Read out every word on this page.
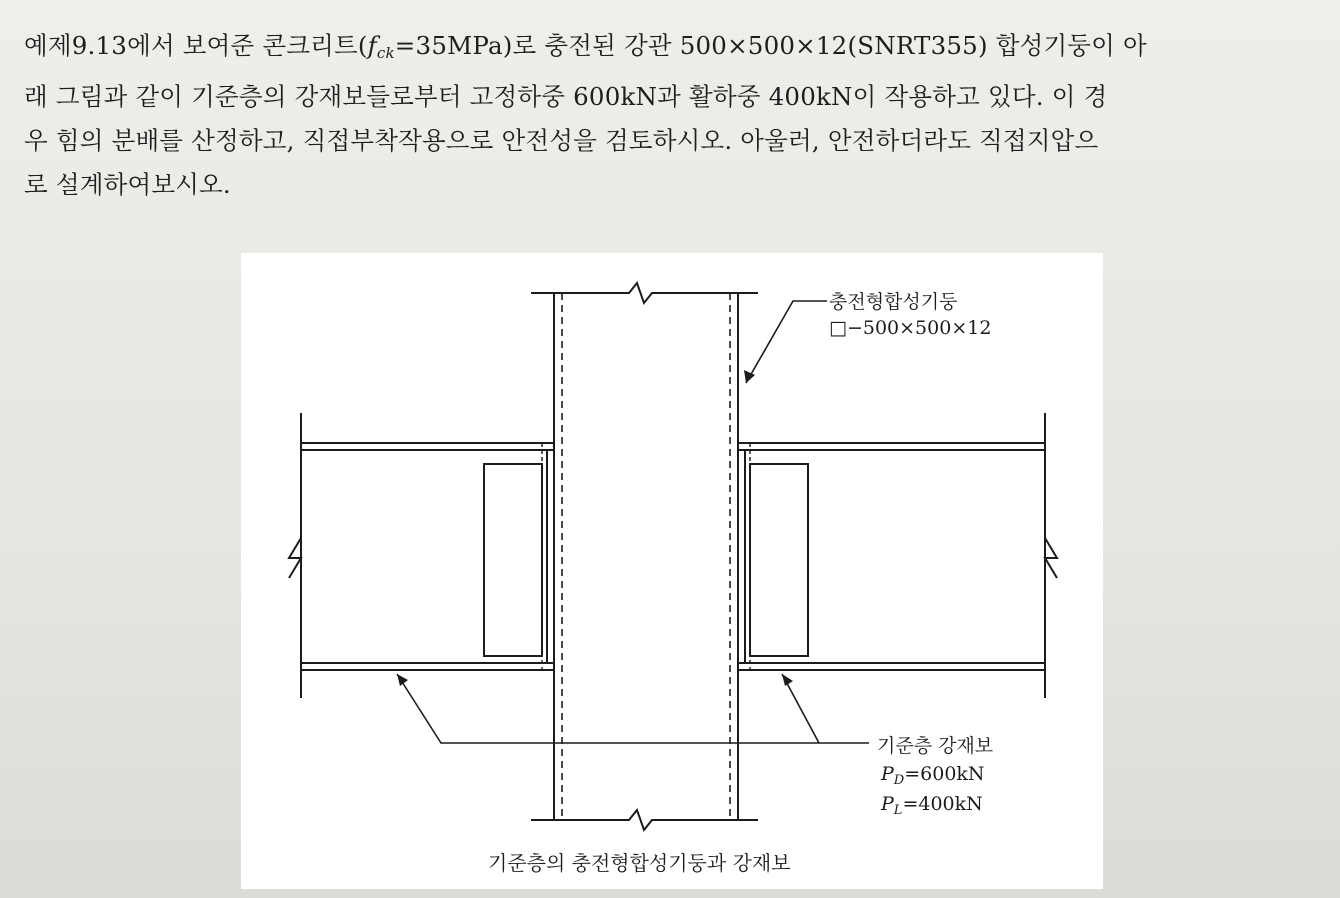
예제9.13에서 보여준 콘크리트$(f_{ck}=35MPa)$로 충전된 강관 500×500×12(SNRT355) 합성기둥이 아

래 그림과 같이 기준층의 강재보들로부터 고정하중 600kN과 활하중 400kN이 작용하고 있다. 이 경

우 힘의 분배를 산정하고, 직접부착작용으로 안전성을 검토하시오. 아울러, 안전하더라도 직접지압으

로 설계하여보시오.

충전형합성기둥
□−500×500×12
기준층 강재보
$P_D=600kN$
$P_L=400kN$
기준층의 충전형합성기둥과 강재보
